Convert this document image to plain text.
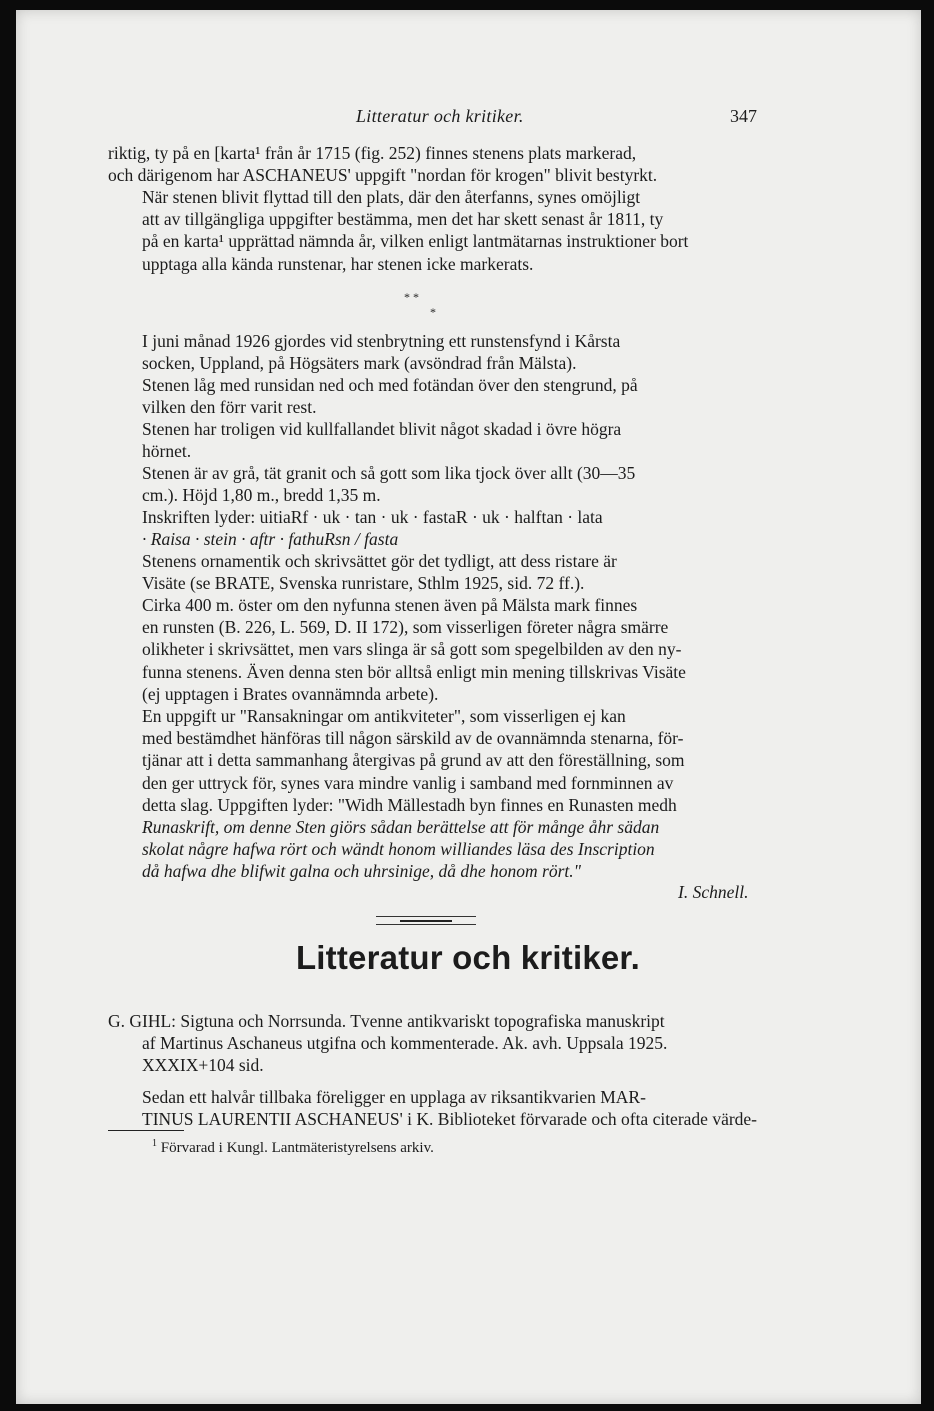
Litteratur och kritiker.	347
riktig, ty på en [karta¹ från år 1715 (fig. 252) finnes stenens plats markerad,
och därigenom har ASCHANEUS' uppgift "nordan för krogen" blivit bestyrkt.
När stenen blivit flyttad till den plats, där den återfanns, synes omöjligt
att av tillgängliga uppgifter bestämma, men det har skett senast år 1811, ty
på en karta¹ upprättad nämnda år, vilken enligt lantmätarnas instruktioner bort
upptaga alla kända runstenar, har stenen icke markerats.
* *
*
I juni månad 1926 gjordes vid stenbrytning ett runstensfynd i Kårsta
socken, Uppland, på Högsäters mark (avsöndrad från Mälsta).
Stenen låg med runsidan ned och med fotändan över den stengrund, på
vilken den förr varit rest.
Stenen har troligen vid kullfallandet blivit något skadad i övre högra
hörnet.
Stenen är av grå, tät granit och så gott som lika tjock över allt (30—35
cm.). Höjd 1,80 m., bredd 1,35 m.
Inskriften lyder: uitiaRf · uk · tan · uk · fastaR · uk · halftan · lata
· Raisa · stein · aftr · fathuRsn / fasta
Stenens ornamentik och skrivsättet gör det tydligt, att dess ristare är
Visäte (se BRATE, Svenska runristare, Sthlm 1925, sid. 72 ff.).
Cirka 400 m. öster om den nyfunna stenen även på Mälsta mark finnes
en runsten (B. 226, L. 569, D. II 172), som visserligen företer några smärre
olikheter i skrivsättet, men vars slinga är så gott som spegelbilden av den ny-
funna stenens. Även denna sten bör alltså enligt min mening tillskrivas Visäte
(ej upptagen i Brates ovannämnda arbete).
En uppgift ur "Ransakningar om antikviteter", som visserligen ej kan
med bestämdhet hänföras till någon särskild av de ovannämnda stenarna, för-
tjänar att i detta sammanhang återgivas på grund av att den föreställning, som
den ger uttryck för, synes vara mindre vanlig i samband med fornminnen av
detta slag. Uppgiften lyder: "Widh Mällestadh byn finnes en Runasten medh
Runaskrift, om denne Sten giörs sådan berättelse att för månge åhr sädan
skolat någre hafwa rört och wändt honom williandes läsa des Inscription
då hafwa dhe blifwit galna och uhrsinige, då dhe honom rört."
I. Schnell.
Litteratur och kritiker.
G. GIHL: Sigtuna och Norrsunda. Tvenne antikvariskt topografiska manuskript
af Martinus Aschaneus utgifna och kommenterade. Ak. avh. Uppsala 1925.
XXXIX+104 sid.
Sedan ett halvår tillbaka föreligger en upplaga av riksantikvarien MAR-
TINUS LAURENTII ASCHANEUS' i K. Biblioteket förvarade och ofta citerade värde-
$^1$ Förvarad i Kungl. Lantmäteristyrelsens arkiv.
